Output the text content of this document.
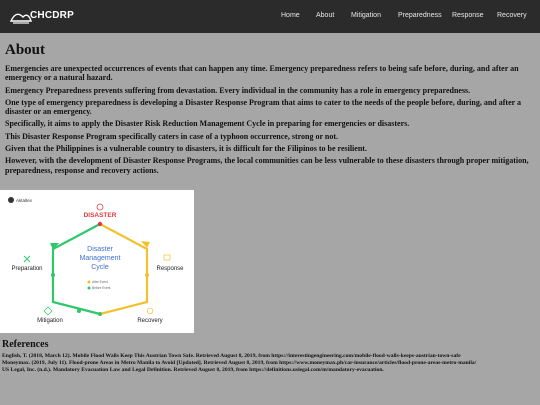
CHCDRP	Home About Mitigation Preparedness Response Recovery
About

Emergencies are unexpected occurrences of events that can happen any time. Emergency preparedness refers to being safe before, during, and after an emergency or a natural hazard.

Emergency Preparedness prevents suffering from devastation. Every individual in the community has a role in emergency preparedness.

One type of emergency preparedness is developing a Disaster Response Program that aims to cater to the needs of the people before, during, and after a disaster or an emergency.

Specifically, it aims to apply the Disaster Risk Reduction Management Cycle in preparing for emergencies or disasters.

This Disaster Response Program specifically caters in case of a typhoon occurrence, strong or not.

Given that the Philippines is a vulnerable country to disasters, it is difficult for the Filipinos to be resilient.

However, with the development of Disaster Response Programs, the local communities can be less vulnerable to these disasters through proper mitigation, preparedness, response and recovery actions.

Aktaltex
DISASTER
Disaster
Management
Cycle
After Event
Before Event
Response
Recovery
Mitigation
Preparation
References

English, T. (2018, March 12). Mobile Flood Walls Keep This Austrian Town Safe. Retrieved August 8, 2019, from https://interestingengineering.com/mobile-flood-walls-keeps-austrian-town-safe

Moneymax. (2019, July 11). Flood-prone Areas in Metro Manila to Avoid [Updated]. Retrieved August 8, 2019, from https://www.moneymax.ph/car-insurance/articles/flood-prone-areas-metro-manila/

US Legal, Inc. (n.d.). Mandatory Evacuation Law and Legal Definition. Retrieved August 8, 2019, from https://definitions.uslegal.com/m/mandatory-evacuation.
